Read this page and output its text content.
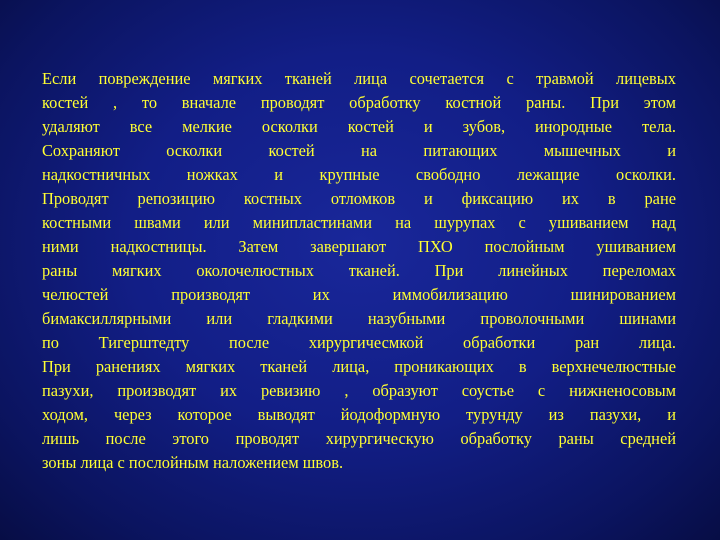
Если повреждение мягких тканей лица сочетается с травмой лицевых
костей , то вначале проводят обработку костной раны. При этом
удаляют все мелкие осколки костей и зубов, инородные тела.
Сохраняют осколки костей на питающих мышечных и
надкостничных ножках и крупные свободно лежащие осколки.
Проводят репозицию костных отломков и фиксацию их в ране
костными швами или минипластинами на шурупах с ушиванием над
ними надкостницы. Затем завершают ПХО послойным ушиванием
раны мягких околочелюстных тканей. При линейных переломах
челюстей производят их иммобилизацию шинированием
бимаксиллярными или гладкими назубными проволочными шинами
по Тигерштедту после хирургичесмкой обработки ран лица.
При ранениях мягких тканей лица, проникающих в верхнечелюстные
пазухи, производят их ревизию , образуют соустье с нижненосовым
ходом, через которое выводят йодоформную турунду из пазухи, и
лишь после этого проводят хирургическую обработку раны средней
зоны лица с послойным наложением швов.
